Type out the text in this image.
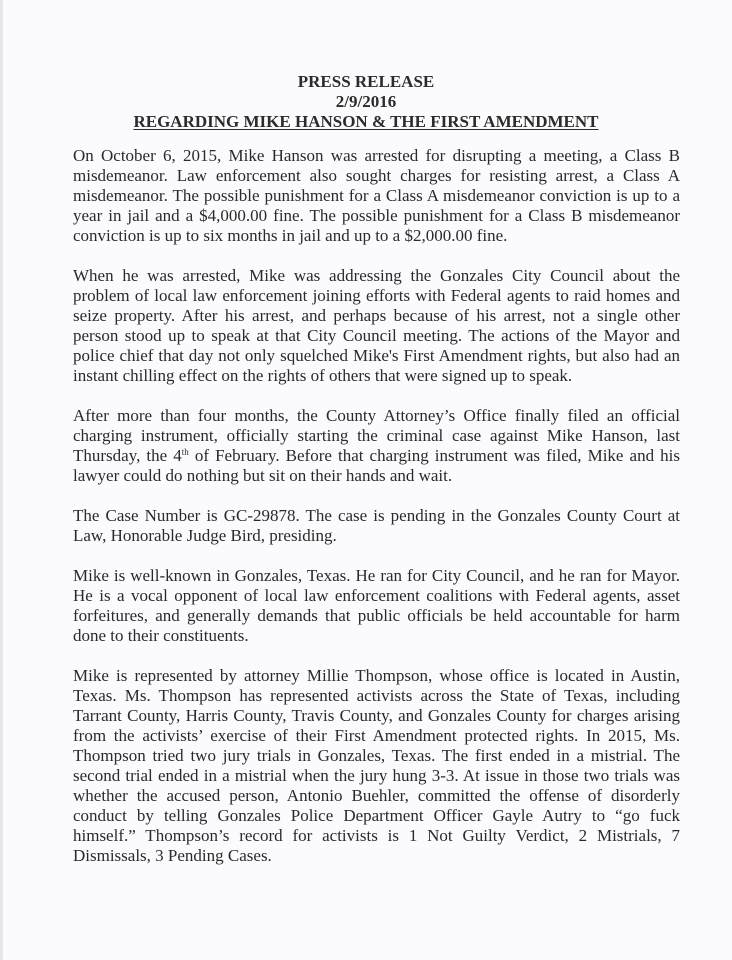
PRESS RELEASE
2/9/2016
REGARDING MIKE HANSON & THE FIRST AMENDMENT

On October 6, 2015, Mike Hanson was arrested for disrupting a meeting, a Class B misdemeanor. Law enforcement also sought charges for resisting arrest, a Class A misdemeanor. The possible punishment for a Class A misdemeanor conviction is up to a year in jail and a $4,000.00 fine. The possible punishment for a Class B misdemeanor conviction is up to six months in jail and up to a $2,000.00 fine.

When he was arrested, Mike was addressing the Gonzales City Council about the problem of local law enforcement joining efforts with Federal agents to raid homes and seize property. After his arrest, and perhaps because of his arrest, not a single other person stood up to speak at that City Council meeting. The actions of the Mayor and police chief that day not only squelched Mike's First Amendment rights, but also had an instant chilling effect on the rights of others that were signed up to speak.

After more than four months, the County Attorney’s Office finally filed an official charging instrument, officially starting the criminal case against Mike Hanson, last Thursday, the 4th of February. Before that charging instrument was filed, Mike and his lawyer could do nothing but sit on their hands and wait.

The Case Number is GC-29878. The case is pending in the Gonzales County Court at Law, Honorable Judge Bird, presiding.

Mike is well-known in Gonzales, Texas. He ran for City Council, and he ran for Mayor. He is a vocal opponent of local law enforcement coalitions with Federal agents, asset forfeitures, and generally demands that public officials be held accountable for harm done to their constituents.

Mike is represented by attorney Millie Thompson, whose office is located in Austin, Texas. Ms. Thompson has represented activists across the State of Texas, including Tarrant County, Harris County, Travis County, and Gonzales County for charges arising from the activists’ exercise of their First Amendment protected rights. In 2015, Ms. Thompson tried two jury trials in Gonzales, Texas. The first ended in a mistrial. The second trial ended in a mistrial when the jury hung 3-3. At issue in those two trials was whether the accused person, Antonio Buehler, committed the offense of disorderly conduct by telling Gonzales Police Department Officer Gayle Autry to “go fuck himself.” Thompson’s record for activists is 1 Not Guilty Verdict, 2 Mistrials, 7 Dismissals, 3 Pending Cases.
